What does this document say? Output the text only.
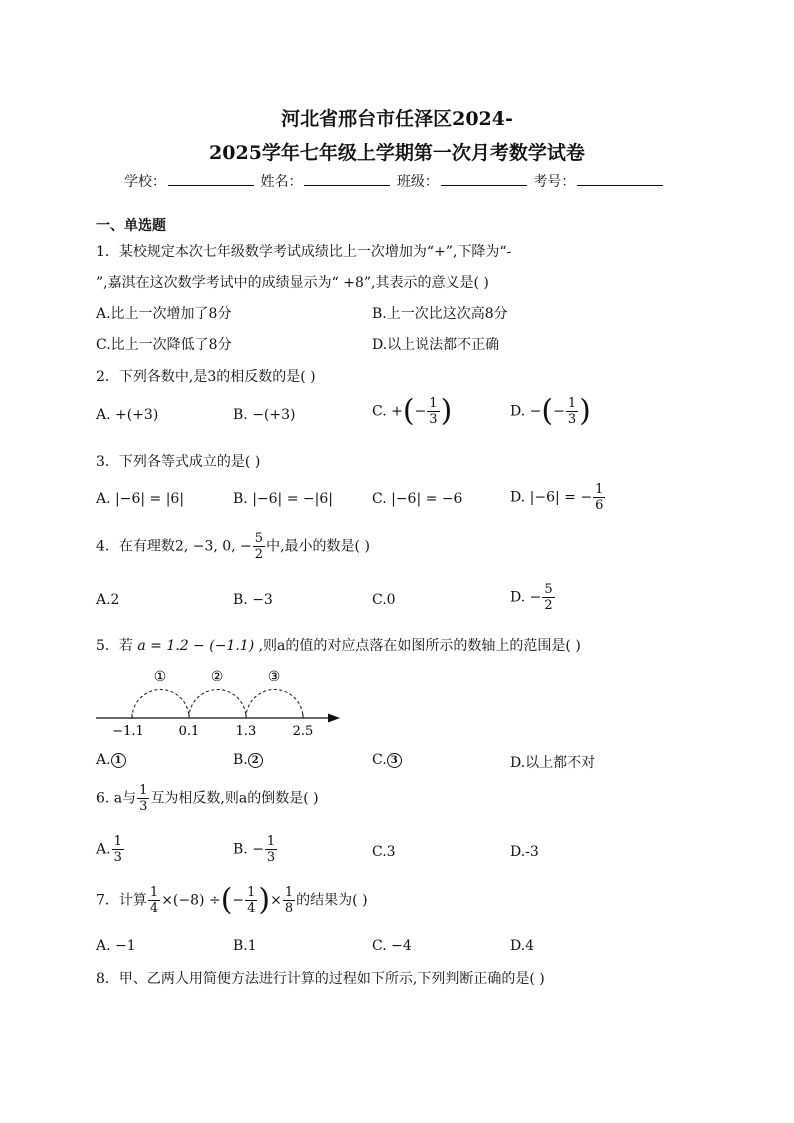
河北省邢台市任泽区2024-
2025学年七年级上学期第一次月考数学试卷
学校：	姓名：	班级：	考号：
一、单选题
1．某校规定本次七年级数学考试成绩比上一次增加为“+”,下降为“-
”,嘉淇在这次数学考试中的成绩显示为“ +8”,其表示的意义是( )
A.比上一次增加了8分	B.上一次比这次高8分
C.比上一次降低了8分	D.以上说法都不正确
2．下列各数中,是3的相反数的是( )
A. +(+3)	B. −(+3)	C. +(− $\frac{1}{3}$ )	D. −(− $\frac{1}{3}$ )
3．下列各等式成立的是( )
A. |−6| = |6|	B. |−6| = −|6|	C. |−6| = −6	D. |−6| = − $\frac{1}{6}$
4．在有理数2, −3, 0, − $\frac{5}{2}$ 中,最小的数是( )
A.2	B. −3	C.0	D. − $\frac{5}{2}$
5．若 a = 1.2 − (−1.1) ,则a的值的对应点落在如图所示的数轴上的范围是( )
①	②	③
−1.1	0.1	1.3	2.5
A. 1	B. 2	C. 3	D.以上都不对
6. a与 $\frac{1}{3}$ 互为相反数,则a的倒数是( )
A. $\frac{1}{3}$	B. − $\frac{1}{3}$	C.3	D.-3
7．计算 $\frac{1}{4} \times(-8)$ ÷(− $\frac{1}{4}$ )× $\frac{1}{8}$ 的结果为( )
A. −1	B.1	C. −4	D.4
8．甲、乙两人用简便方法进行计算的过程如下所示,下列判断正确的是( )
